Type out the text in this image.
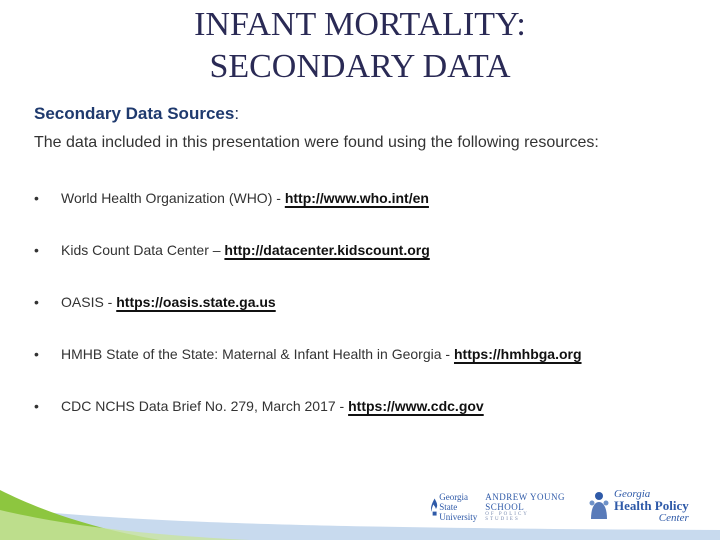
INFANT MORTALITY:
SECONDARY DATA
Secondary Data Sources:
The data included in this presentation were found using the following resources:
•	World Health Organization (WHO) - http://www.who.int/en
•	Kids Count Data Center – http://datacenter.kidscount.org
•	OASIS - https://oasis.state.ga.us
•	HMHB State of the State: Maternal & Infant Health in Georgia - https://hmhbga.org
•	CDC NCHS Data Brief No. 279, March 2017 - https://www.cdc.gov
Georgia
State
University
ANDREW YOUNG SCHOOL
OF POLICY STUDIES
Georgia
Health Policy
Center
